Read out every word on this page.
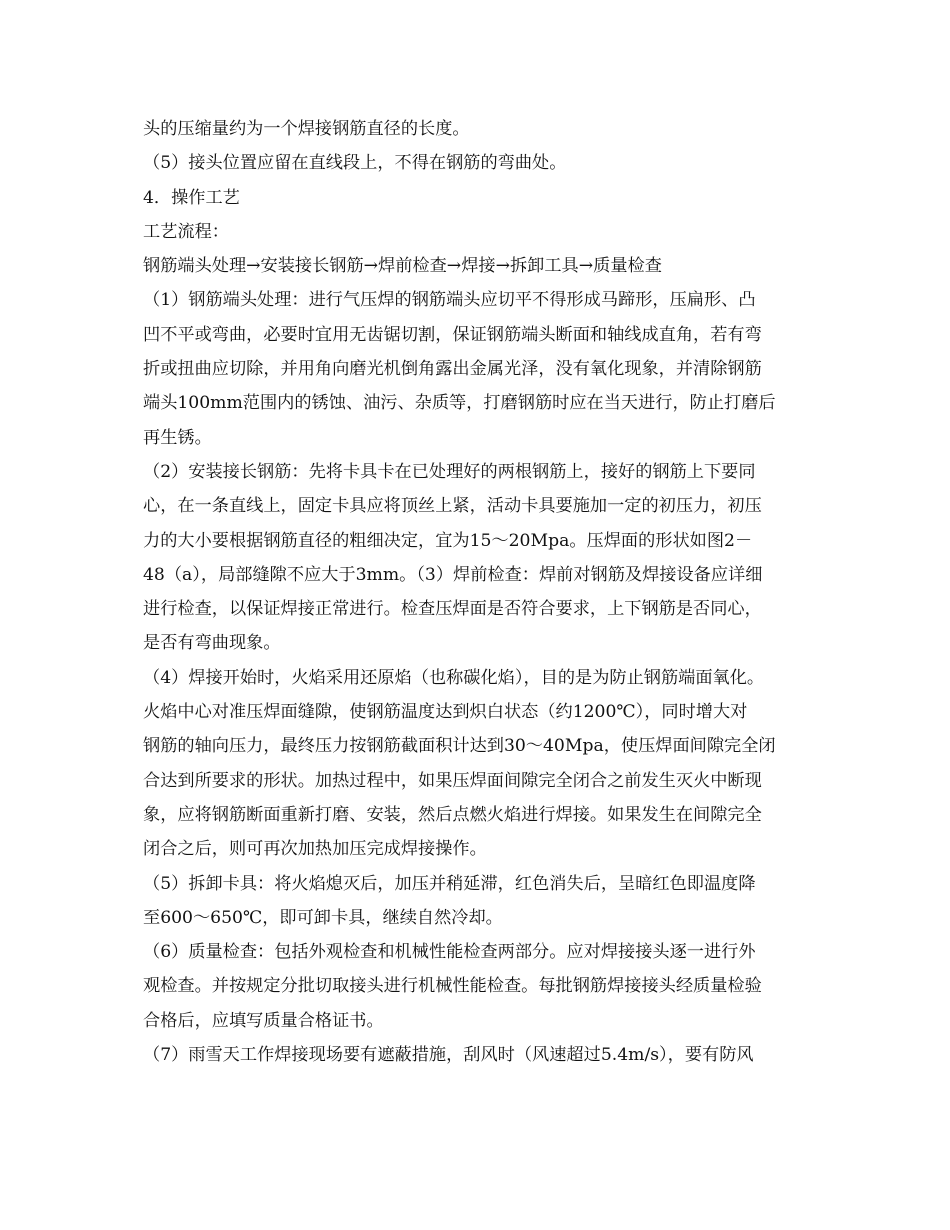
头的压缩量约为一个焊接钢筋直径的长度。
（5）接头位置应留在直线段上，不得在钢筋的弯曲处。
4．操作工艺
工艺流程：
钢筋端头处理→安装接长钢筋→焊前检查→焊接→拆卸工具→质量检查
（1）钢筋端头处理：进行气压焊的钢筋端头应切平不得形成马蹄形，压扁形、凸
凹不平或弯曲，必要时宜用无齿锯切割，保证钢筋端头断面和轴线成直角，若有弯
折或扭曲应切除，并用角向磨光机倒角露出金属光泽，没有氧化现象，并清除钢筋
端头100mm范围内的锈蚀、油污、杂质等，打磨钢筋时应在当天进行，防止打磨后
再生锈。
（2）安装接长钢筋：先将卡具卡在已处理好的两根钢筋上，接好的钢筋上下要同
心，在一条直线上，固定卡具应将顶丝上紧，活动卡具要施加一定的初压力，初压
力的大小要根据钢筋直径的粗细决定，宜为15～20Mpa。压焊面的形状如图2－
48（a），局部缝隙不应大于3mm。（3）焊前检查：焊前对钢筋及焊接设备应详细
进行检查，以保证焊接正常进行。检查压焊面是否符合要求，上下钢筋是否同心，
是否有弯曲现象。
（4）焊接开始时，火焰采用还原焰（也称碳化焰），目的是为防止钢筋端面氧化。
火焰中心对准压焊面缝隙，使钢筋温度达到炽白状态（约1200℃），同时增大对
钢筋的轴向压力，最终压力按钢筋截面积计达到30～40Mpa，使压焊面间隙完全闭
合达到所要求的形状。加热过程中，如果压焊面间隙完全闭合之前发生灭火中断现
象，应将钢筋断面重新打磨、安装，然后点燃火焰进行焊接。如果发生在间隙完全
闭合之后，则可再次加热加压完成焊接操作。
（5）拆卸卡具：将火焰熄灭后，加压并稍延滞，红色消失后，呈暗红色即温度降
至600～650℃，即可卸卡具，继续自然冷却。
（6）质量检查：包括外观检查和机械性能检查两部分。应对焊接接头逐一进行外
观检查。并按规定分批切取接头进行机械性能检查。每批钢筋焊接接头经质量检验
合格后，应填写质量合格证书。
（7）雨雪天工作焊接现场要有遮蔽措施，刮风时（风速超过5.4m/s），要有防风
